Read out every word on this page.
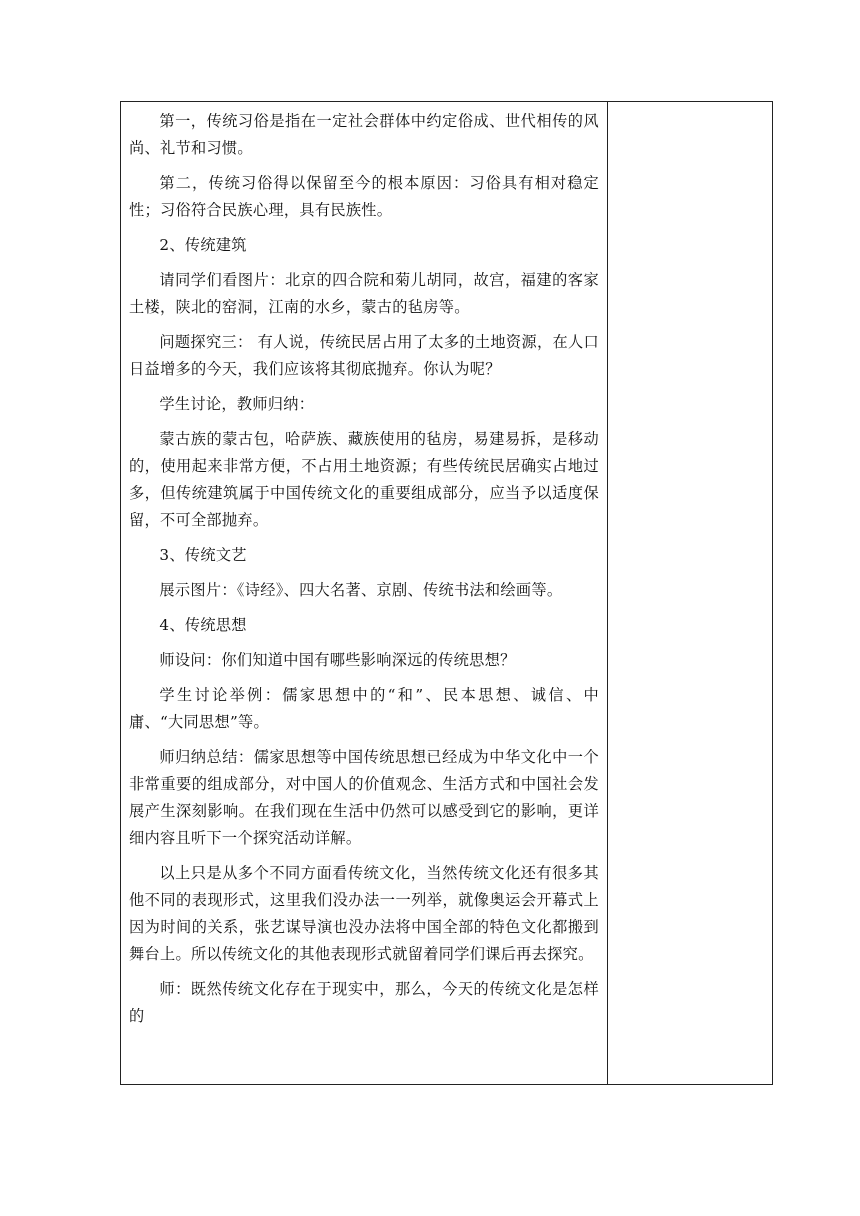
第一，传统习俗是指在一定社会群体中约定俗成、世代相传的风尚、礼节和习惯。

第二，传统习俗得以保留至今的根本原因：习俗具有相对稳定性；习俗符合民族心理，具有民族性。

2、传统建筑

请同学们看图片：北京的四合院和菊儿胡同，故宫，福建的客家土楼，陕北的窑洞，江南的水乡，蒙古的毡房等。

问题探究三： 有人说，传统民居占用了太多的土地资源，在人口日益增多的今天，我们应该将其彻底抛弃。你认为呢？

学生讨论，教师归纳：

蒙古族的蒙古包，哈萨族、藏族使用的毡房，易建易拆，是移动的，使用起来非常方便，不占用土地资源；有些传统民居确实占地过多，但传统建筑属于中国传统文化的重要组成部分，应当予以适度保留，不可全部抛弃。

3、传统文艺

展示图片：《诗经》、四大名著、京剧、传统书法和绘画等。

4、传统思想

师设问：你们知道中国有哪些影响深远的传统思想？

学生讨论举例：儒家思想中的“和”、民本思想、诚信、中庸、“大同思想”等。

师归纳总结：儒家思想等中国传统思想已经成为中华文化中一个非常重要的组成部分，对中国人的价值观念、生活方式和中国社会发展产生深刻影响。在我们现在生活中仍然可以感受到它的影响，更详细内容且听下一个探究活动详解。

以上只是从多个不同方面看传统文化，当然传统文化还有很多其他不同的表现形式，这里我们没办法一一列举，就像奥运会开幕式上因为时间的关系，张艺谋导演也没办法将中国全部的特色文化都搬到舞台上。所以传统文化的其他表现形式就留着同学们课后再去探究。

师：既然传统文化存在于现实中，那么，今天的传统文化是怎样的
